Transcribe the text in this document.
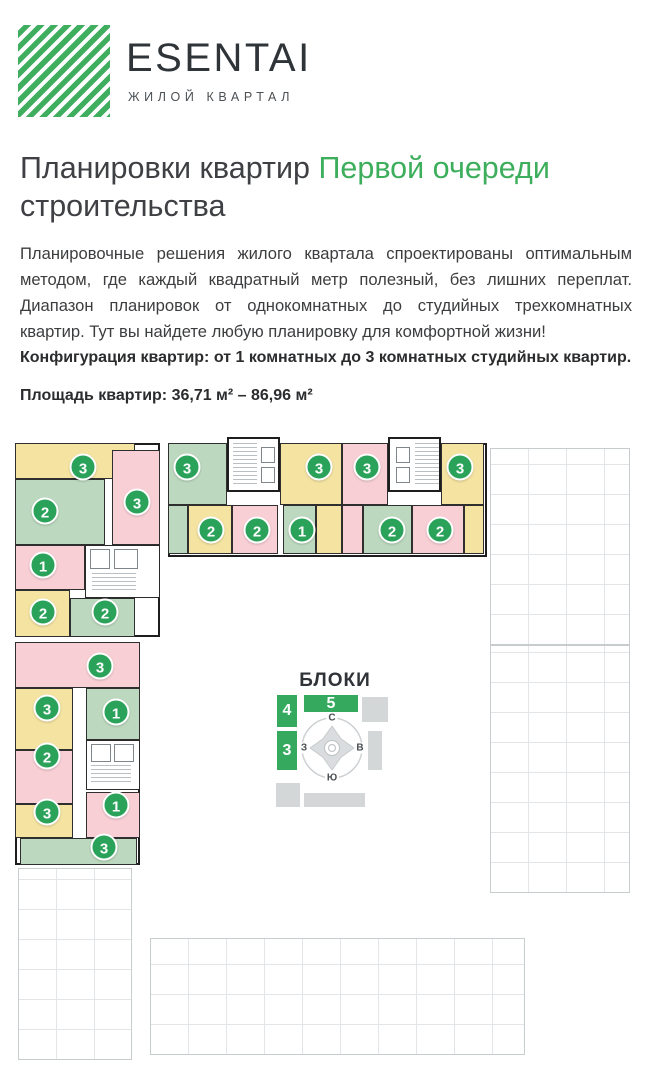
ESENTAI
ЖИЛОЙ КВАРТАЛ
Планировки квартир Первой очереди
строительства

Планировочные решения жилого квартала спроектированы оптимальным методом, где каждый квадратный метр полезный, без лишних переплат. Диапазон планировок от однокомнатных до студийных трехкомнатных квартир. Тут вы найдете любую планировку для комфортной жизни!

Конфигурация квартир: от 1 комнатных до 3 комнатных студийных квартир.
Площадь квартир: 36,71 м² – 86,96 м²
3
3
2
1
2	2
3	3	3	3
2	2	1	2	2
3
3	1
2
3	1
3
БЛОКИ
4 5
3
С
Ю
З	В
